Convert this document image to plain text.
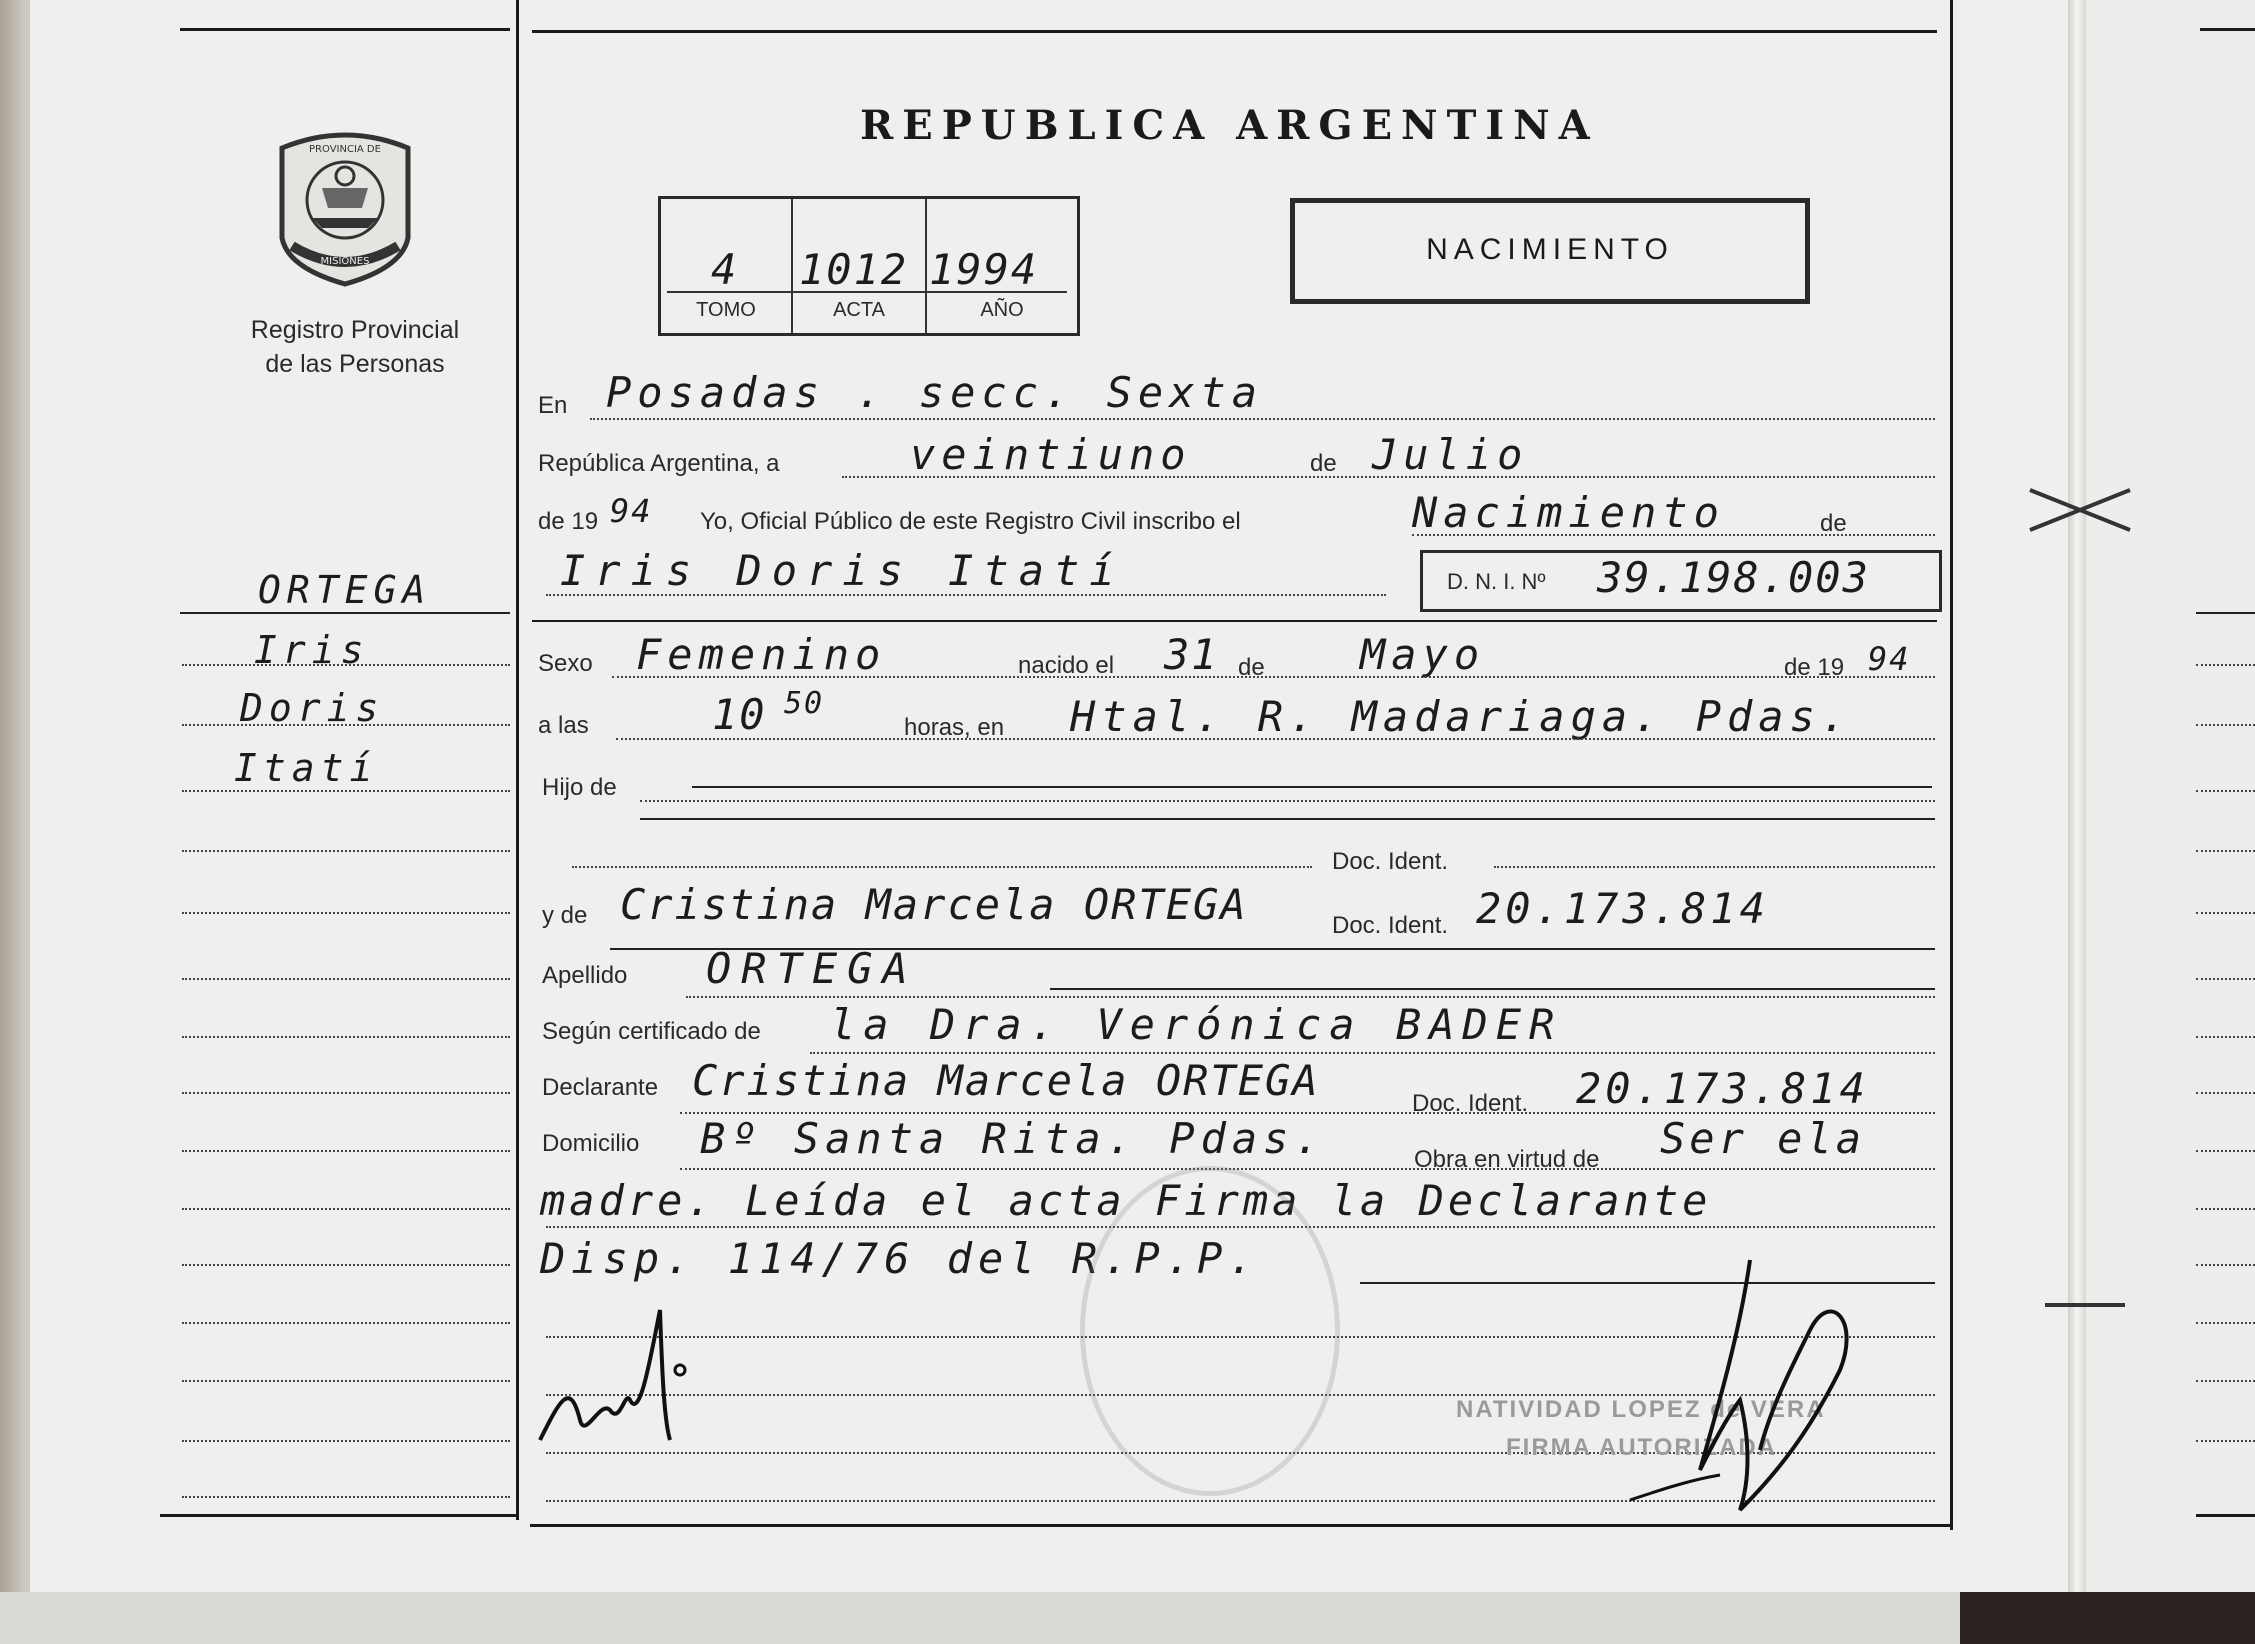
PROVINCIA DE
MISIONES
Registro Provincial
de las Personas
REPUBLICA ARGENTINA
4
TOMO
1012
ACTA
1994
AÑO
NACIMIENTO
ORTEGA
Iris
Doris
Itatí
En Posadas . secc. Sexta
República Argentina, a	veintiuno	de Julio
de 19 94 Yo, Oficial Público de este Registro Civil inscribo el	Nacimiento	de
Iris Doris Itatí	D. N. I. Nº 39.198.003
Sexo Femenino	nacido el 31 de Mayo	de 19 94
a las	10 50
horas, en Htal. R. Madariaga. Pdas.
Hijo de
Doc. Ident.
y de Cristina Marcela ORTEGA	Doc. Ident. 20.173.814
Apellido ORTEGA
Según certificado de la Dra. Verónica BADER
Declarante Cristina Marcela ORTEGA	Doc. Ident. 20.173.814
Domicilio Bº Santa Rita. Pdas.	Obra en virtud de Ser ela
madre. Leída el acta Firma la Declarante
Disp. 114/76 del R.P.P.
NATIVIDAD LOPEZ de VERA
FIRMA AUTORIZADA
